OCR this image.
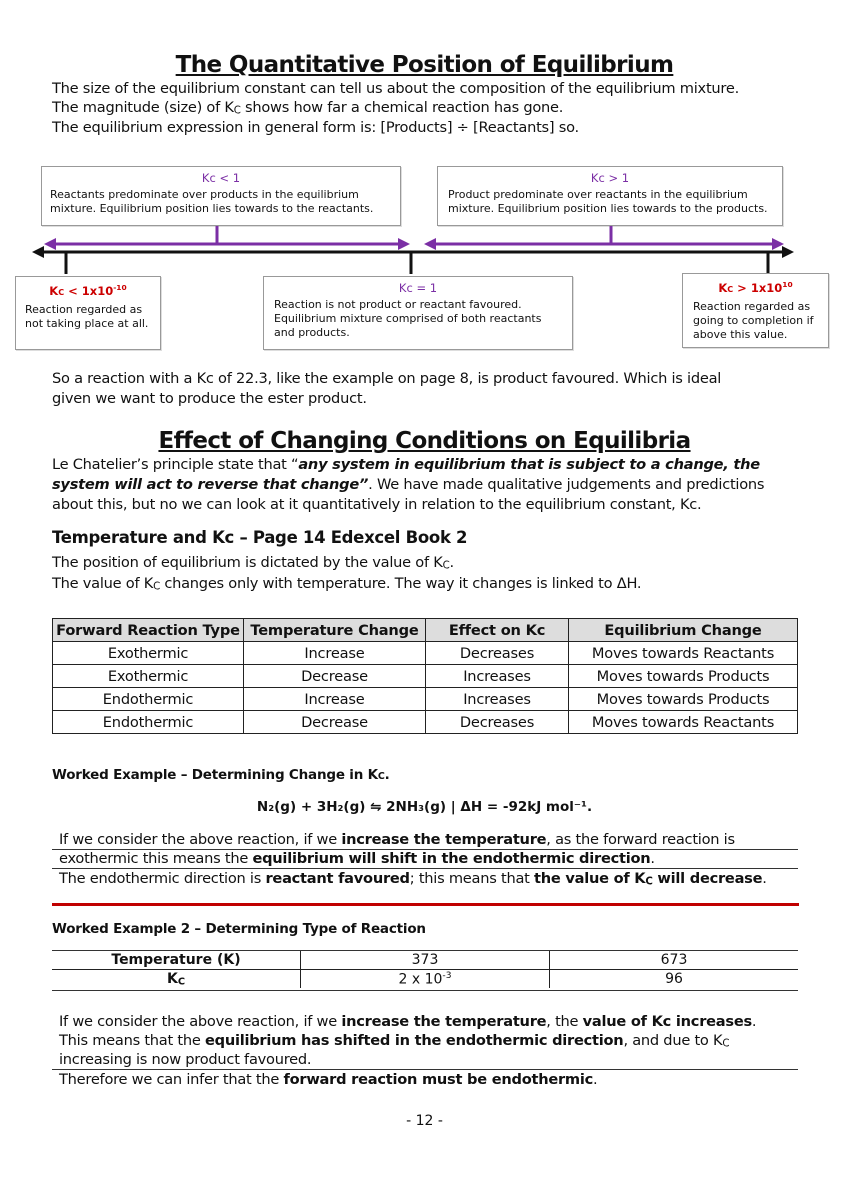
The Quantitative Position of Equilibrium
The size of the equilibrium constant can tell us about the composition of the equilibrium mixture.
The magnitude (size) of KC shows how far a chemical reaction has gone.
The equilibrium expression in general form is: [Products] ÷ [Reactants] so.
Kᴄ < 1
Reactants predominate over products in the equilibrium
mixture. Equilibrium position lies towards to the reactants.
Kᴄ > 1
Product predominate over reactants in the equilibrium
mixture. Equilibrium position lies towards to the products.
KC < $1x10^{-10}$
Reaction regarded as
not taking place at all.
Kᴄ = 1
Reaction is not product or reactant favoured.
Equilibrium mixture comprised of both reactants
and products.
KC > $1x10^{10}$
Reaction regarded as
going to completion if
above this value.
So a reaction with a Kc of 22.3, like the example on page 8, is product favoured. Which is ideal
given we want to produce the ester product.
Effect of Changing Conditions on Equilibria
Le Chatelier’s principle state that “any system in equilibrium that is subject to a change, the
system will act to reverse that change”. We have made qualitative judgements and predictions
about this, but no we can look at it quantitatively in relation to the equilibrium constant, Kc.
Temperature and Kc – Page 14 Edexcel Book 2
The position of equilibrium is dictated by the value of KC.
The value of KC changes only with temperature. The way it changes is linked to ΔH.
Forward Reaction Type	Temperature Change	Effect on Kc	Equilibrium Change
Exothermic	Increase	Decreases	Moves towards Reactants
Exothermic	Decrease	Increases	Moves towards Products
Endothermic	Increase	Increases	Moves towards Products
Endothermic	Decrease	Decreases	Moves towards Reactants
Worked Example – Determining Change in KC.
N₂(g) + 3H₂(g) ⇋ 2NH₃(g) | ΔH = -92kJ mol⁻¹.
If we consider the above reaction, if we increase the temperature, as the forward reaction is
exothermic this means the equilibrium will shift in the endothermic direction.
The endothermic direction is reactant favoured; this means that the value of KC will decrease.
Worked Example 2 – Determining Type of Reaction
Temperature (K)	373	673
KC	2 x $10^{-3}$	96
If we consider the above reaction, if we increase the temperature, the value of Kc increases.
This means that the equilibrium has shifted in the endothermic direction, and due to KC
increasing is now product favoured.
Therefore we can infer that the forward reaction must be endothermic.
- 12 -
